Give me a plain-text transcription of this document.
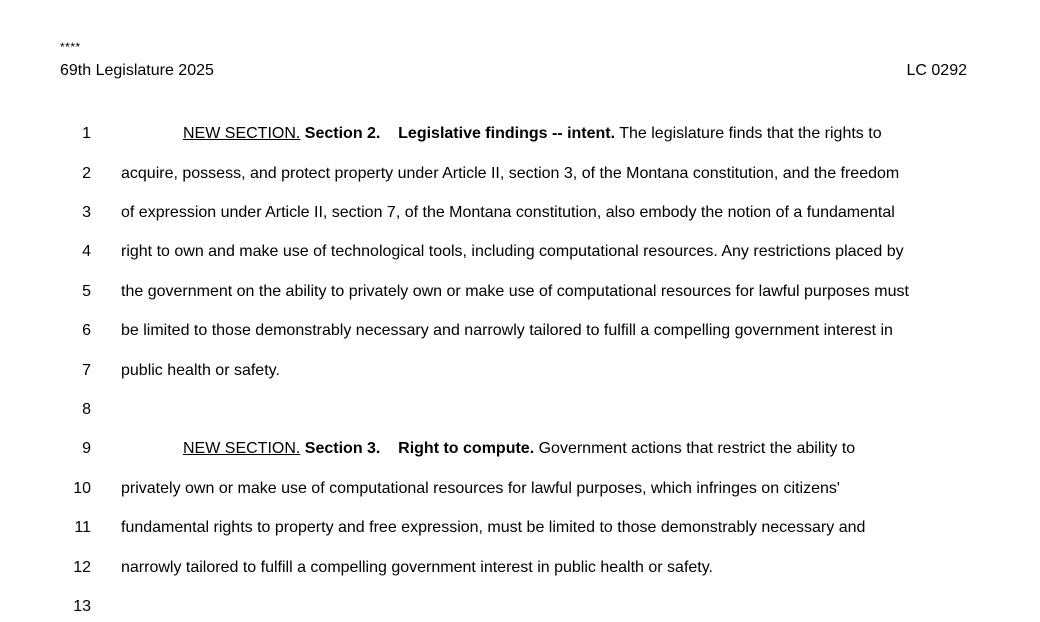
****
69th Legislature 2025	LC 0292
1	NEW SECTION. Section 2. Legislative findings -- intent. The legislature finds that the rights to
2 acquire, possess, and protect property under Article II, section 3, of the Montana constitution, and the freedom
3 of expression under Article II, section 7, of the Montana constitution, also embody the notion of a fundamental
4 right to own and make use of technological tools, including computational resources. Any restrictions placed by
5 the government on the ability to privately own or make use of computational resources for lawful purposes must
6 be limited to those demonstrably necessary and narrowly tailored to fulfill a compelling government interest in
7 public health or safety.
8
9	NEW SECTION. Section 3. Right to compute. Government actions that restrict the ability to
10 privately own or make use of computational resources for lawful purposes, which infringes on citizens'
11 fundamental rights to property and free expression, must be limited to those demonstrably necessary and
12 narrowly tailored to fulfill a compelling government interest in public health or safety.
13
